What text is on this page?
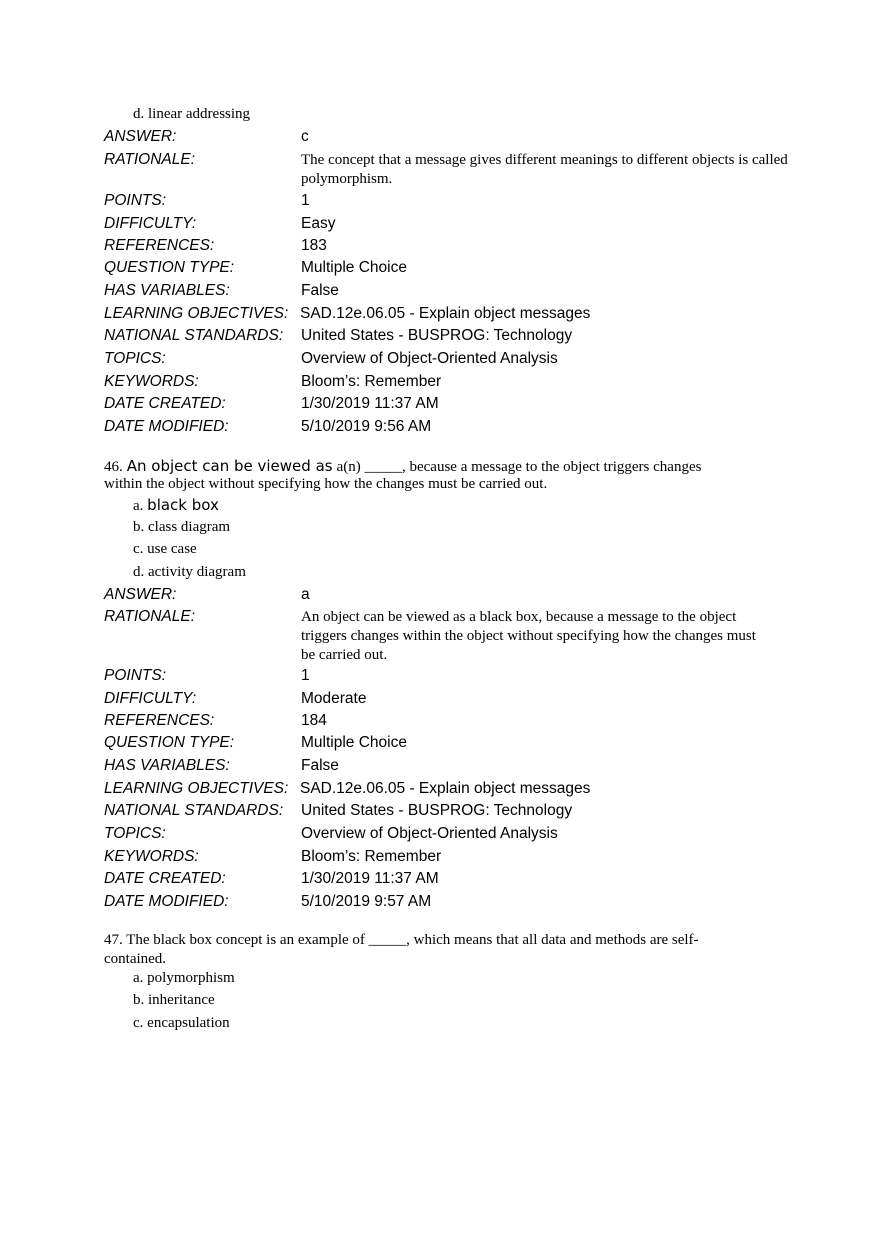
d. linear addressing
ANSWER:	c
RATIONALE:	The concept that a message gives different meanings to different objects is called polymorphism.
POINTS:	1
DIFFICULTY:	Easy
REFERENCES:	183
QUESTION TYPE:	Multiple Choice
HAS VARIABLES:	False
LEARNING OBJECTIVES: SAD.12e.06.05 - Explain object messages
NATIONAL STANDARDS: United States - BUSPROG: Technology
TOPICS:	Overview of Object-Oriented Analysis
KEYWORDS:	Bloom’s: Remember
DATE CREATED:	1/30/2019 11:37 AM
DATE MODIFIED:	5/10/2019 9:56 AM
46. An object can be viewed as a(n) _____, because a message to the object triggers changes
within the object without specifying how the changes must be carried out.
a. black box
b. class diagram
c. use case
d. activity diagram
ANSWER:	a
RATIONALE:	An object can be viewed as a black box, because a message to the object triggers changes within the object without specifying how the changes must be carried out.
POINTS:	1
DIFFICULTY:	Moderate
REFERENCES:	184
QUESTION TYPE:	Multiple Choice
HAS VARIABLES:	False
LEARNING OBJECTIVES: SAD.12e.06.05 - Explain object messages
NATIONAL STANDARDS: United States - BUSPROG: Technology
TOPICS:	Overview of Object-Oriented Analysis
KEYWORDS:	Bloom’s: Remember
DATE CREATED:	1/30/2019 11:37 AM
DATE MODIFIED:	5/10/2019 9:57 AM
47. The black box concept is an example of _____, which means that all data and methods are self-contained.
a. polymorphism
b. inheritance
c. encapsulation
